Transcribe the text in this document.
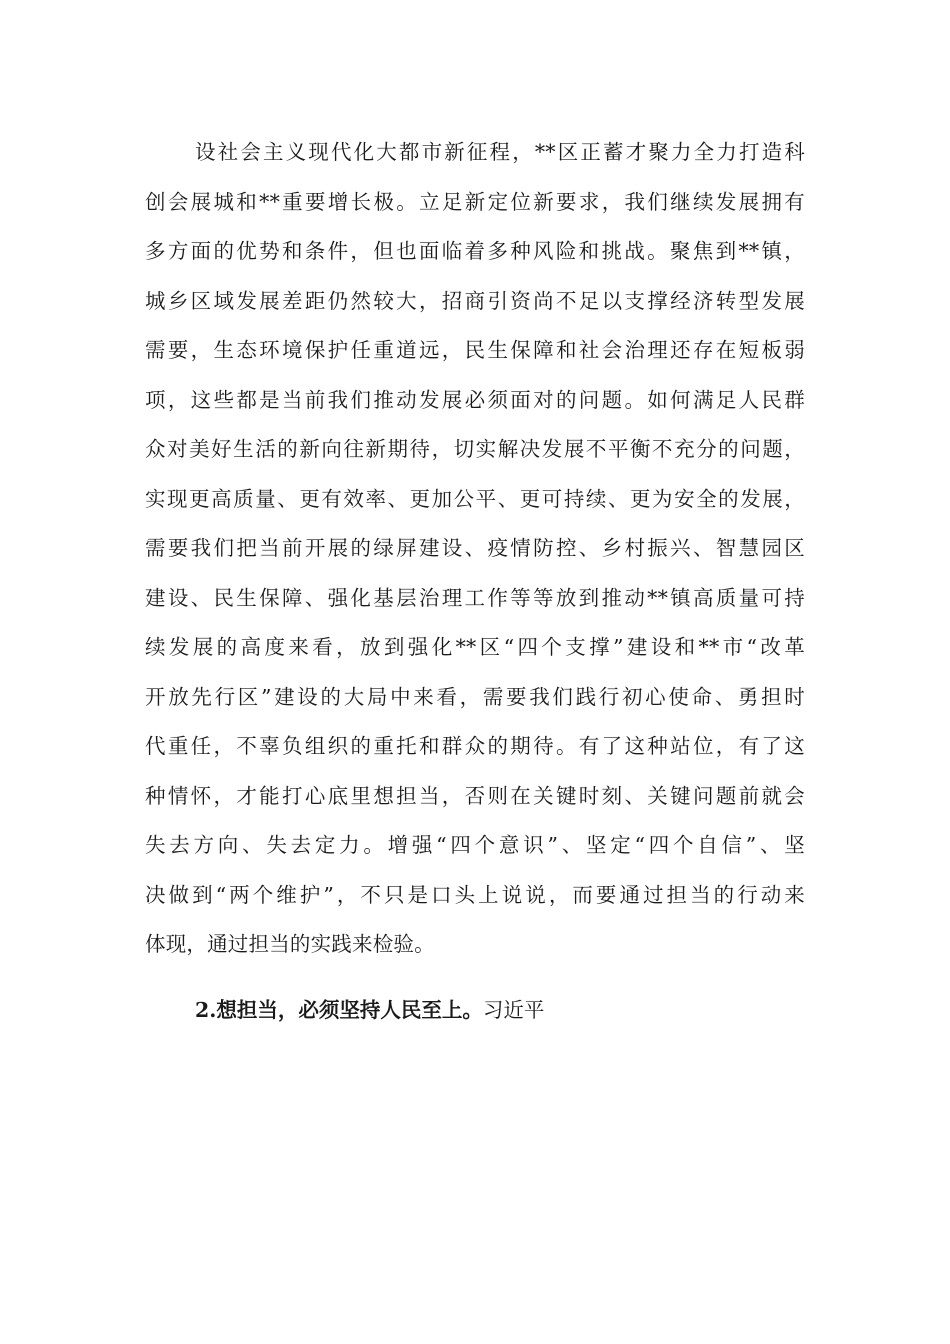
设社会主义现代化大都市新征程，**区正蓄才聚力全力打造科
创会展城和**重要增长极。立足新定位新要求，我们继续发展拥有
多方面的优势和条件，但也面临着多种风险和挑战。聚焦到**镇，
城乡区域发展差距仍然较大，招商引资尚不足以支撑经济转型发展
需要，生态环境保护任重道远，民生保障和社会治理还存在短板弱
项，这些都是当前我们推动发展必须面对的问题。如何满足人民群
众对美好生活的新向往新期待，切实解决发展不平衡不充分的问题，
实现更高质量、更有效率、更加公平、更可持续、更为安全的发展，
需要我们把当前开展的绿屏建设、疫情防控、乡村振兴、智慧园区
建设、民生保障、强化基层治理工作等等放到推动**镇高质量可持
续发展的高度来看，放到强化**区“四个支撑”建设和**市“改革
开放先行区”建设的大局中来看，需要我们践行初心使命、勇担时
代重任，不辜负组织的重托和群众的期待。有了这种站位，有了这
种情怀，才能打心底里想担当，否则在关键时刻、关键问题前就会
失去方向、失去定力。增强“四个意识”、坚定“四个自信”、坚
决做到“两个维护”，不只是口头上说说，而要通过担当的行动来
体现，通过担当的实践来检验。
2.想担当，必须坚持人民至上。习近平
